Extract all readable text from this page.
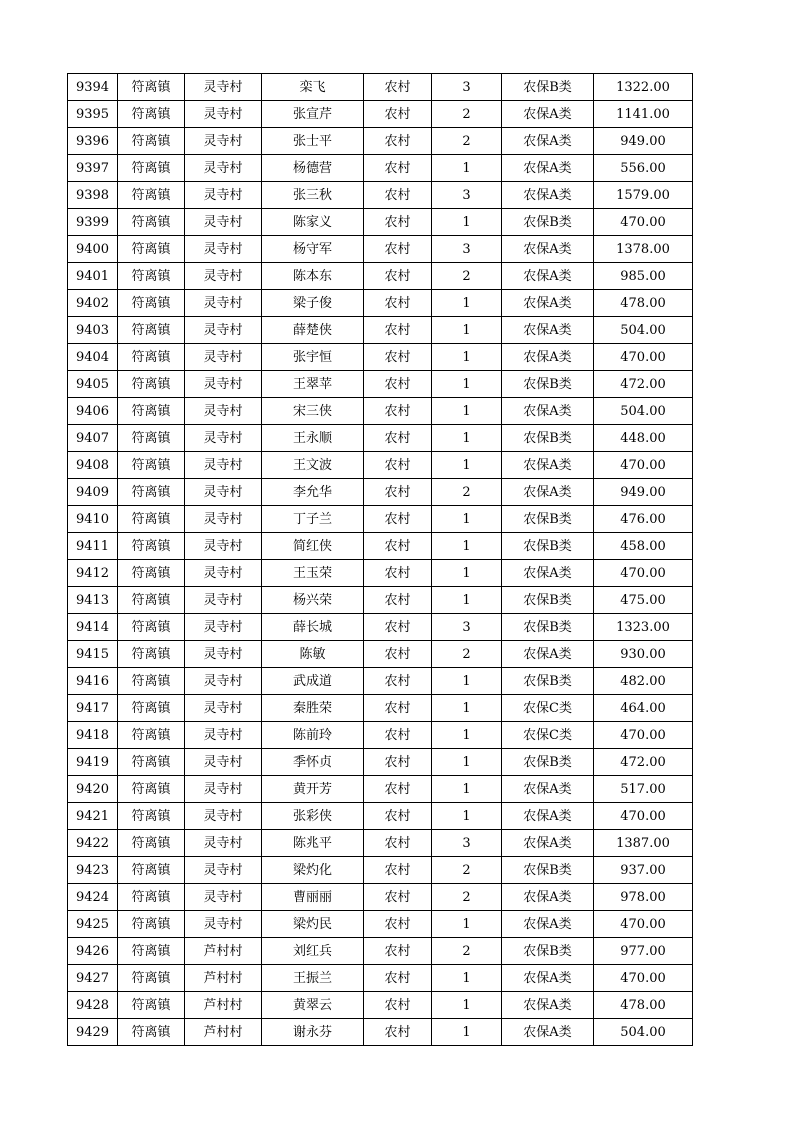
9394	符离镇	灵寺村	栾飞	农村	3	农保B类	1322.00
9395	符离镇	灵寺村	张宣芹	农村	2	农保A类	1141.00
9396	符离镇	灵寺村	张士平	农村	2	农保A类	949.00
9397	符离镇	灵寺村	杨德营	农村	1	农保A类	556.00
9398	符离镇	灵寺村	张三秋	农村	3	农保A类	1579.00
9399	符离镇	灵寺村	陈家义	农村	1	农保B类	470.00
9400	符离镇	灵寺村	杨守军	农村	3	农保A类	1378.00
9401	符离镇	灵寺村	陈本东	农村	2	农保A类	985.00
9402	符离镇	灵寺村	梁子俊	农村	1	农保A类	478.00
9403	符离镇	灵寺村	薛楚侠	农村	1	农保A类	504.00
9404	符离镇	灵寺村	张宇恒	农村	1	农保A类	470.00
9405	符离镇	灵寺村	王翠苹	农村	1	农保B类	472.00
9406	符离镇	灵寺村	宋三侠	农村	1	农保A类	504.00
9407	符离镇	灵寺村	王永顺	农村	1	农保B类	448.00
9408	符离镇	灵寺村	王文波	农村	1	农保A类	470.00
9409	符离镇	灵寺村	李允华	农村	2	农保A类	949.00
9410	符离镇	灵寺村	丁子兰	农村	1	农保B类	476.00
9411	符离镇	灵寺村	简红侠	农村	1	农保B类	458.00
9412	符离镇	灵寺村	王玉荣	农村	1	农保A类	470.00
9413	符离镇	灵寺村	杨兴荣	农村	1	农保B类	475.00
9414	符离镇	灵寺村	薛长城	农村	3	农保B类	1323.00
9415	符离镇	灵寺村	陈敏	农村	2	农保A类	930.00
9416	符离镇	灵寺村	武成道	农村	1	农保B类	482.00
9417	符离镇	灵寺村	秦胜荣	农村	1	农保C类	464.00
9418	符离镇	灵寺村	陈前玲	农村	1	农保C类	470.00
9419	符离镇	灵寺村	季怀贞	农村	1	农保B类	472.00
9420	符离镇	灵寺村	黄开芳	农村	1	农保A类	517.00
9421	符离镇	灵寺村	张彩侠	农村	1	农保A类	470.00
9422	符离镇	灵寺村	陈兆平	农村	3	农保A类	1387.00
9423	符离镇	灵寺村	梁灼化	农村	2	农保B类	937.00
9424	符离镇	灵寺村	曹丽丽	农村	2	农保A类	978.00
9425	符离镇	灵寺村	梁灼民	农村	1	农保A类	470.00
9426	符离镇	芦村村	刘红兵	农村	2	农保B类	977.00
9427	符离镇	芦村村	王振兰	农村	1	农保A类	470.00
9428	符离镇	芦村村	黄翠云	农村	1	农保A类	478.00
9429	符离镇	芦村村	谢永芬	农村	1	农保A类	504.00
